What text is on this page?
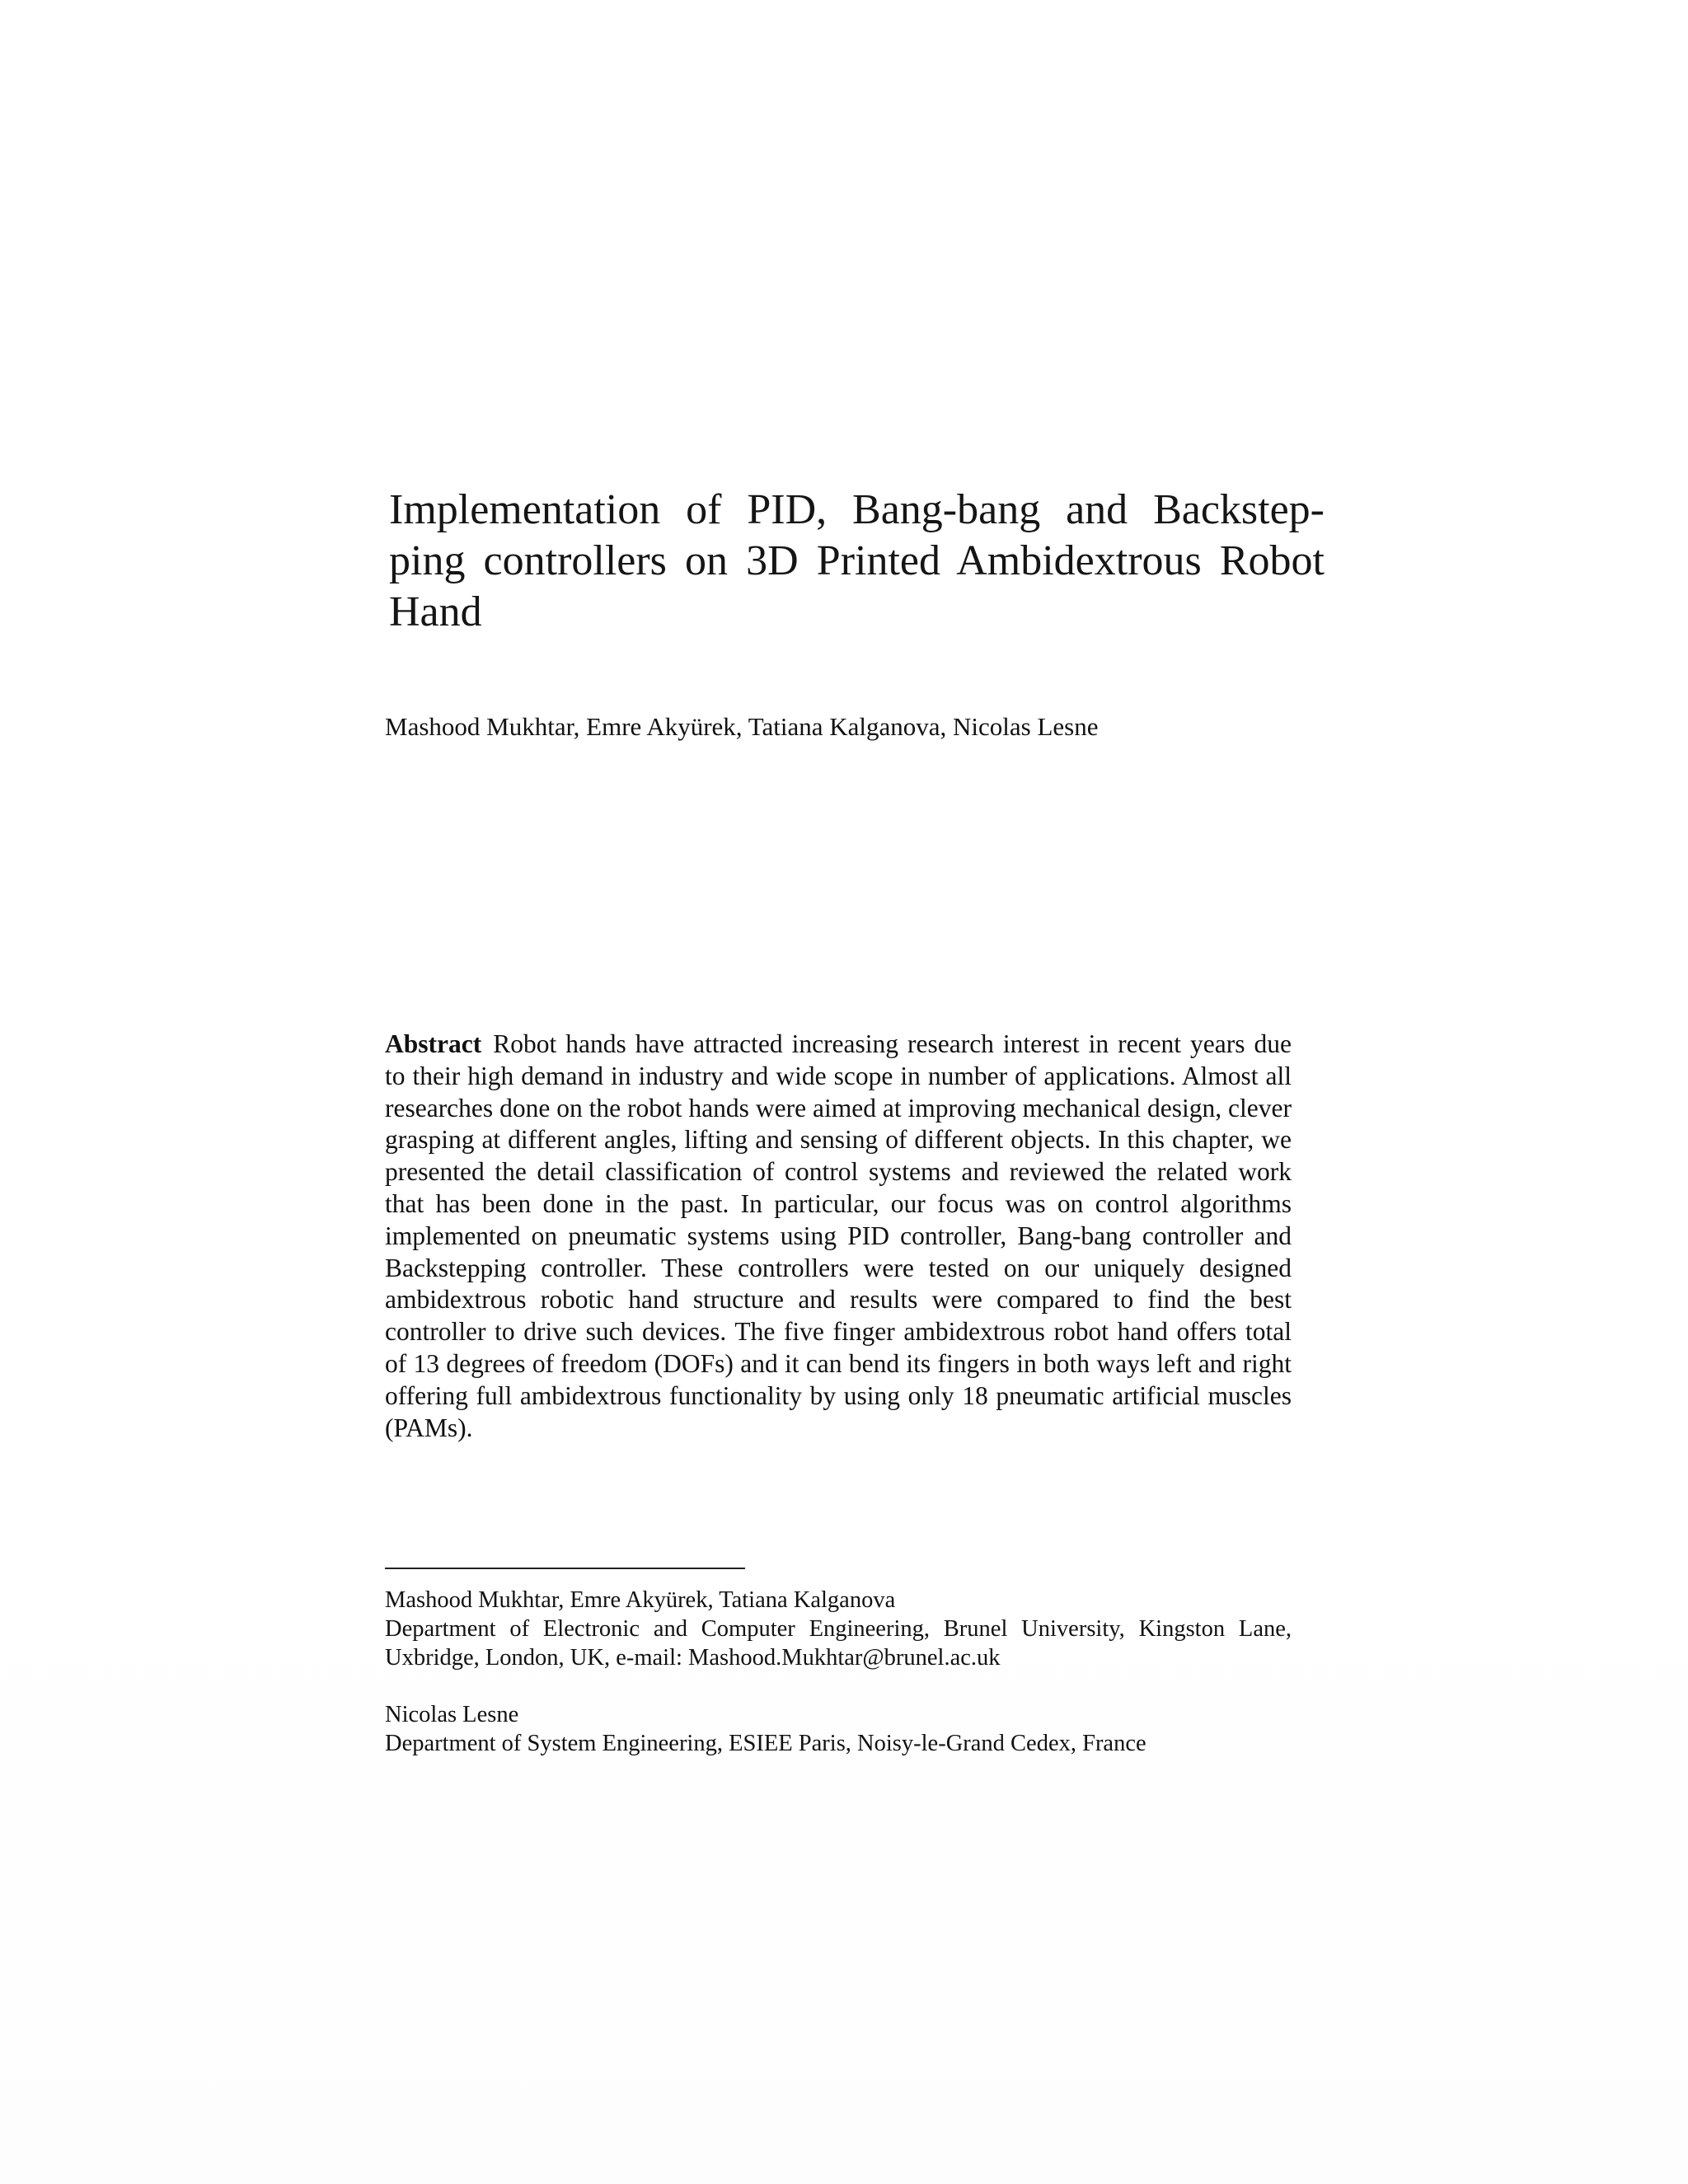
Implementation of PID, Bang-bang and Backstep-ping controllers on 3D Printed Ambidextrous Robot Hand

Mashood Mukhtar, Emre Akyürek, Tatiana Kalganova, Nicolas Lesne

Abstract Robot hands have attracted increasing research interest in recent years due to their high demand in industry and wide scope in number of applications. Almost all researches done on the robot hands were aimed at improving mechanical design, clever grasping at different angles, lifting and sensing of different objects. In this chapter, we presented the detail classification of control systems and reviewed the related work that has been done in the past. In particular, our focus was on control algorithms implemented on pneumatic systems using PID controller, Bang-bang controller and Backstepping controller. These controllers were tested on our uniquely designed ambidextrous robotic hand structure and results were compared to find the best controller to drive such devices. The five finger ambidextrous robot hand offers total of 13 degrees of freedom (DOFs) and it can bend its fingers in both ways left and right offering full ambidextrous functionality by using only 18 pneumatic artificial muscles (PAMs).

Mashood Mukhtar, Emre Akyürek, Tatiana Kalganova
Department of Electronic and Computer Engineering, Brunel University, Kingston Lane,
Uxbridge, London, UK, e-mail: Mashood.Mukhtar@brunel.ac.uk
Nicolas Lesne
Department of System Engineering, ESIEE Paris, Noisy-le-Grand Cedex, France
